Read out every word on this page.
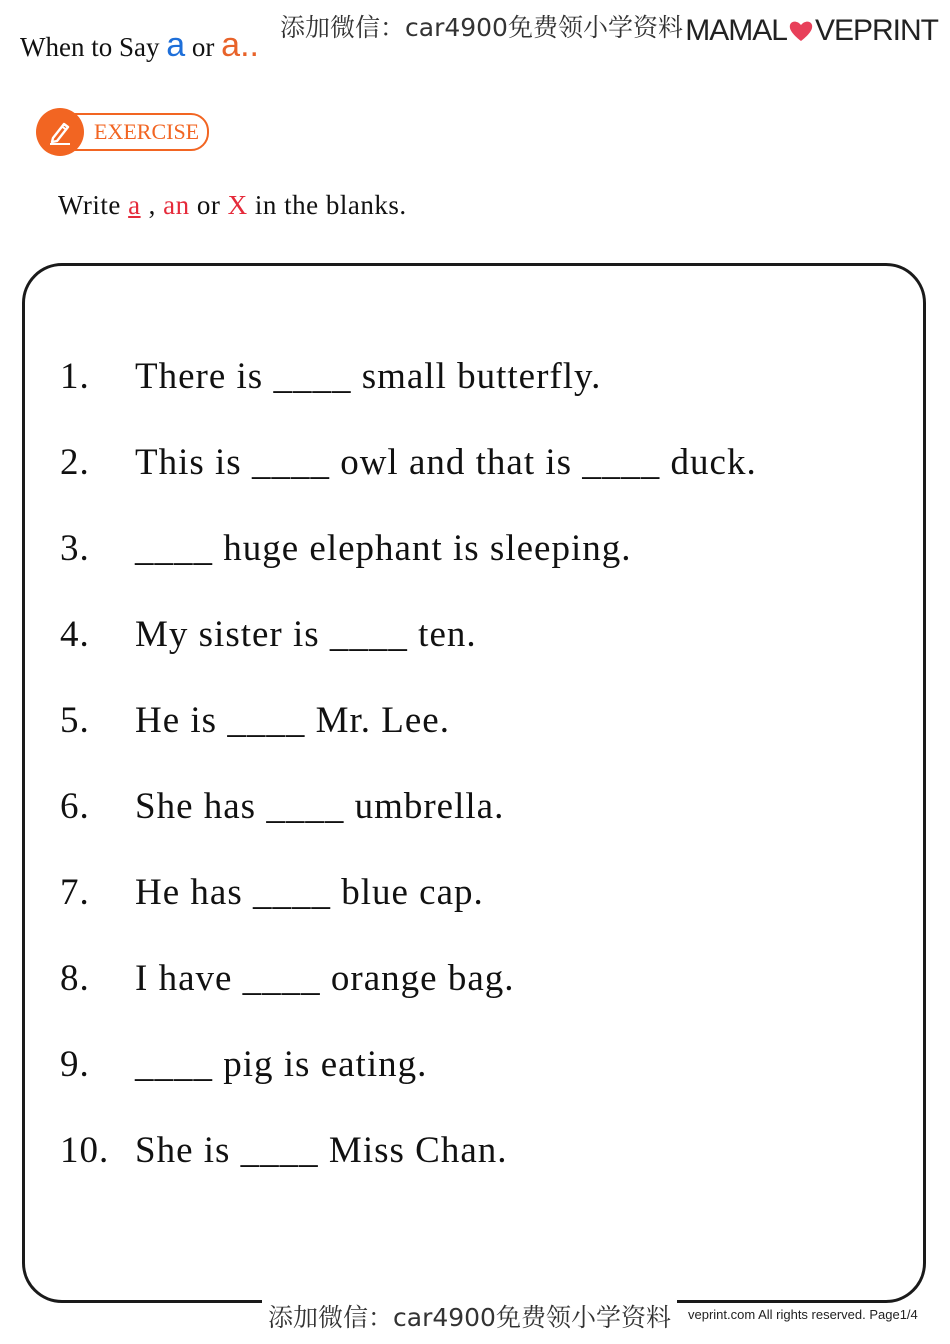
When to Say a or a.. 添加微信：car4900免费领小学资料 MAMAL VEPRINT
EXERCISE
Write a , an or X in the blanks.
1. There is ____ small butterfly.
2. This is ____ owl and that is ____ duck.
3. ____ huge elephant is sleeping.
4. My sister is ____ ten.
5. He is ____ Mr. Lee.
6. She has ____ umbrella.
7. He has ____ blue cap.
8. I have ____ orange bag.
9. ____ pig is eating.
10. She is ____ Miss Chan.
添加微信：car4900免费领小学资料	veprint.com All rights reserved. Page1/4
